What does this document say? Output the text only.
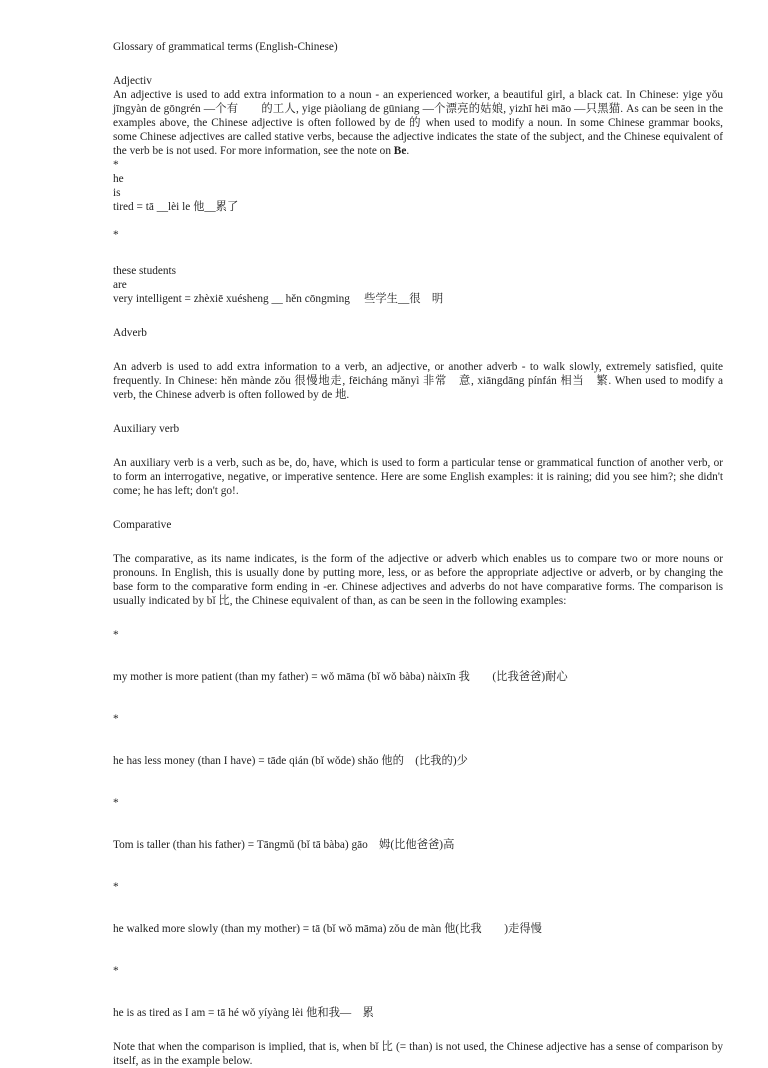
Glossary of grammatical terms (English-Chinese)
Adjectiv
An adjective is used to add extra information to a noun - an experienced worker, a beautiful girl, a black cat. In Chinese: yige yǒu jīngyàn de gōngrén —个有　　的工人, yige piàoliang de gūniang —个漂亮的姑娘, yizhī hēi māo —只黑猫. As can be seen in the examples above, the Chinese adjective is often followed by de 的 when used to modify a noun. In some Chinese grammar books, some Chinese adjectives are called stative verbs, because the adjective indicates the state of the subject, and the Chinese equivalent of the verb be is not used. For more information, see the note on Be.
*
he
is
tired = tā __lèi le 他__累了
*
these students
are
very intelligent = zhèxiē xuésheng __ hěn cōngming　 些学生__很　明
Adverb
An adverb is used to add extra information to a verb, an adjective, or another adverb - to walk slowly, extremely satisfied, quite frequently. In Chinese: hěn mànde zǒu 很慢地走, fēicháng mǎnyì 非常　意, xiāngdāng pínfán 相当　繁. When used to modify a verb, the Chinese adverb is often followed by de 地.
Auxiliary verb
An auxiliary verb is a verb, such as be, do, have, which is used to form a particular tense or grammatical function of another verb, or to form an interrogative, negative, or imperative sentence. Here are some English examples: it is raining; did you see him?; she didn't come; he has left; don't go!.
Comparative
The comparative, as its name indicates, is the form of the adjective or adverb which enables us to compare two or more nouns or pronouns. In English, this is usually done by putting more, less, or as before the appropriate adjective or adverb, or by changing the base form to the comparative form ending in -er. Chinese adjectives and adverbs do not have comparative forms. The comparison is usually indicated by bǐ 比, the Chinese equivalent of than, as can be seen in the following examples:
*
my mother is more patient (than my father) = wǒ māma (bǐ wǒ bàba) nàixīn 我　　(比我爸爸)耐心
*
he has less money (than I have) = tāde qián (bǐ wǒde) shǎo 他的　(比我的)少
*
Tom is taller (than his father) = Tāngmǔ (bǐ tā bàba) gāo　姆(比他爸爸)高
*
he walked more slowly (than my mother) = tā (bǐ wǒ māma) zǒu de màn 他(比我　　)走得慢
*
he is as tired as I am = tā hé wǒ yíyàng lèi 他和我—　累
Note that when the comparison is implied, that is, when bǐ 比 (= than) is not used, the Chinese adjective has a sense of comparison by itself, as in the example below.
